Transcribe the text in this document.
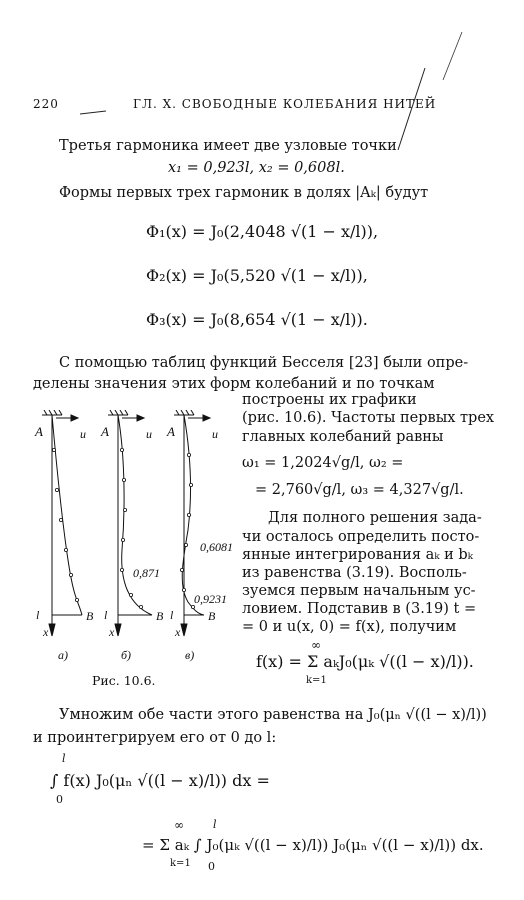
220	ГЛ. X. СВОБОДНЫЕ КОЛЕБАНИЯ НИТЕЙ
Третья гармоника имеет две узловые точки
x₁ = 0,923l, x₂ = 0,608l.
Формы первых трех гармоник в долях |Aₖ| будут
Φ₁(x) = J₀(2,4048 √(1 − x/l)),
Φ₂(x) = J₀(5,520 √(1 − x/l)),
Φ₃(x) = J₀(8,654 √(1 − x/l)).
С помощью таблиц функций Бесселя [23] были опре-
делены значения этих форм колебаний и по точкам
построены их графики
(рис. 10.6). Частоты первых трех
главных колебаний равны
ω₁ = 1,2024√g/l, ω₂ =
= 2,760√g/l, ω₃ = 4,327√g/l.
Для полного решения зада-
чи осталось определить посто-
янные интегрирования aₖ и bₖ
из равенства (3.19). Восполь-
зуемся первым начальным ус-
ловием. Подставив в (3.19) t =
= 0 и u(x, 0) = f(x), получим
∞
f(x) = Σ aₖJ₀(μₖ √((l − x)/l)).
k=1
Умножим обе части этого равенства на J₀(μₙ √((l − x)/l))
и проинтегрируем его от 0 до l:
l
∫ f(x) J₀(μₙ √((l − x)/l)) dx =
0
∞	l
= Σ aₖ ∫ J₀(μₖ √((l − x)/l)) J₀(μₙ √((l − x)/l)) dx.
k=1 0
A	A	A
u	u	u
l	l	l
B	B	B
x	x	x
0,871
0,6081
0,9231
а)	б)	в)
Рис. 10.6.
